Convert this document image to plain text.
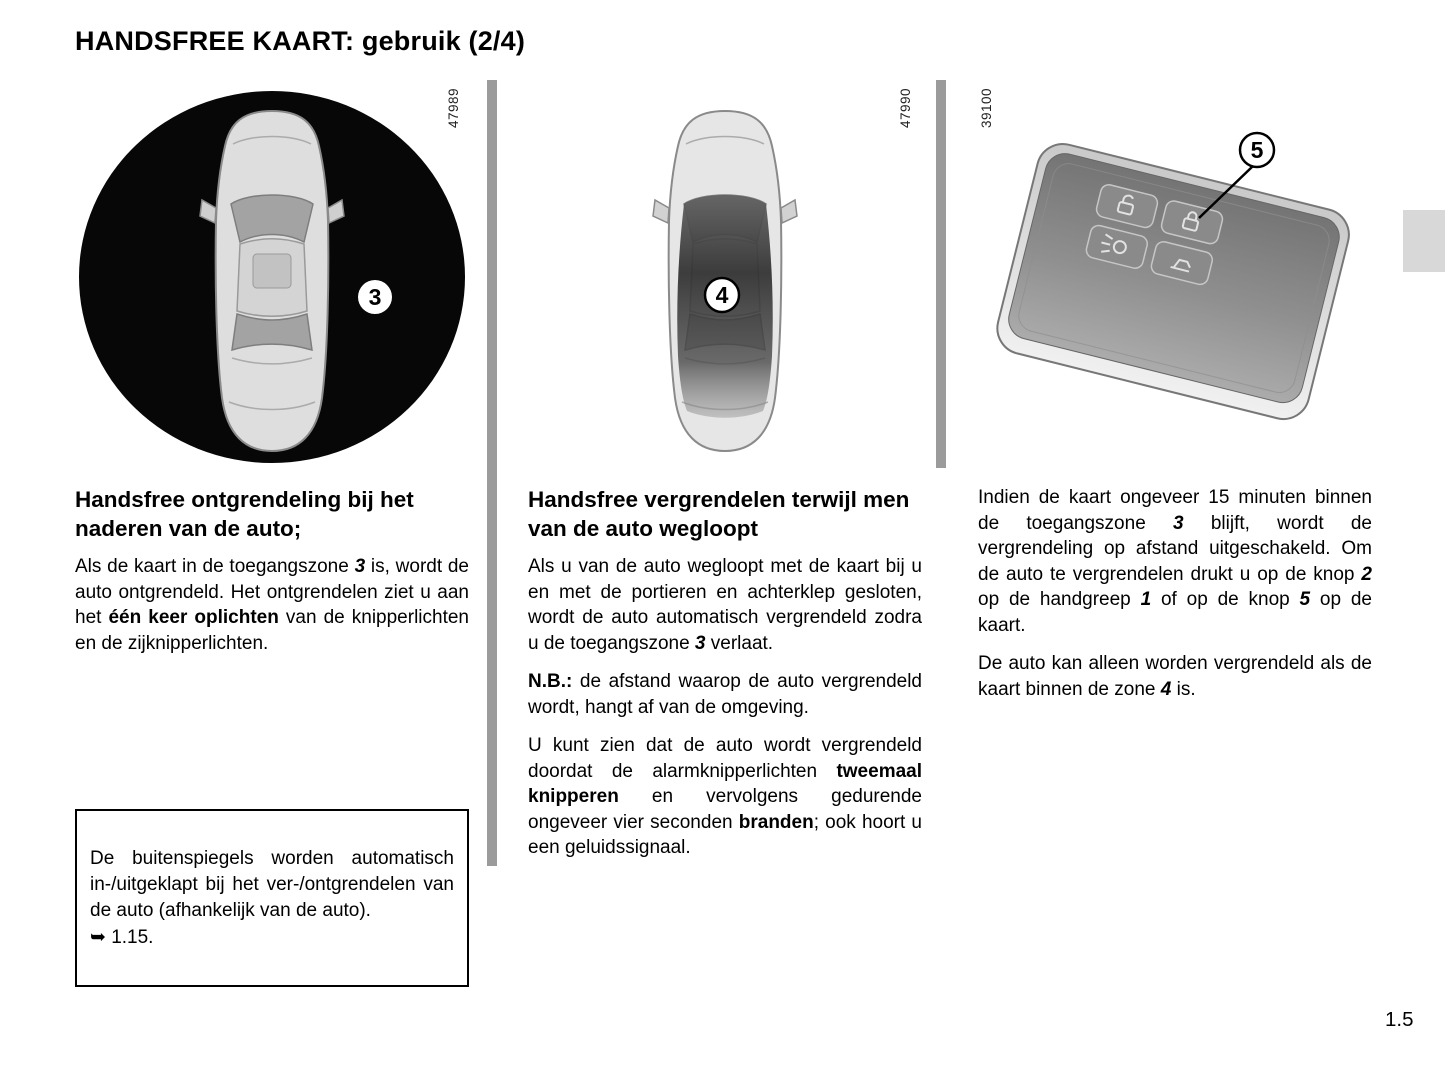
HANDSFREE KAART: gebruik (2/4)
47989	47990	39100
3	4
5
Handsfree ontgrendeling bij het naderen van de auto;

Als de kaart in de toegangszone 3 is, wordt de auto ontgrendeld. Het ontgrendelen ziet u aan het één keer oplichten van de knipperlichten en de zijknipperlichten.

De buitenspiegels worden automatisch in-/uitgeklapt bij het ver-/ontgrendelen van de auto (afhankelijk van de auto).

➥ 1.15.

Handsfree vergrendelen terwijl men van de auto wegloopt

Als u van de auto wegloopt met de kaart bij u en met de portieren en achterklep gesloten, wordt de auto automatisch vergrendeld zodra u de toegangszone 3 verlaat.

N.B.: de afstand waarop de auto vergrendeld wordt, hangt af van de omgeving.

U kunt zien dat de auto wordt vergrendeld doordat de alarmknipperlichten tweemaal knipperen en vervolgens gedurende ongeveer vier seconden branden; ook hoort u een geluidssignaal.

Indien de kaart ongeveer 15 minuten binnen de toegangszone 3 blijft, wordt de vergrendeling op afstand uitgeschakeld. Om de auto te vergrendelen drukt u op de knop 2 op de handgreep 1 of op de knop 5 op de kaart.

De auto kan alleen worden vergrendeld als de kaart binnen de zone 4 is.

1.5
